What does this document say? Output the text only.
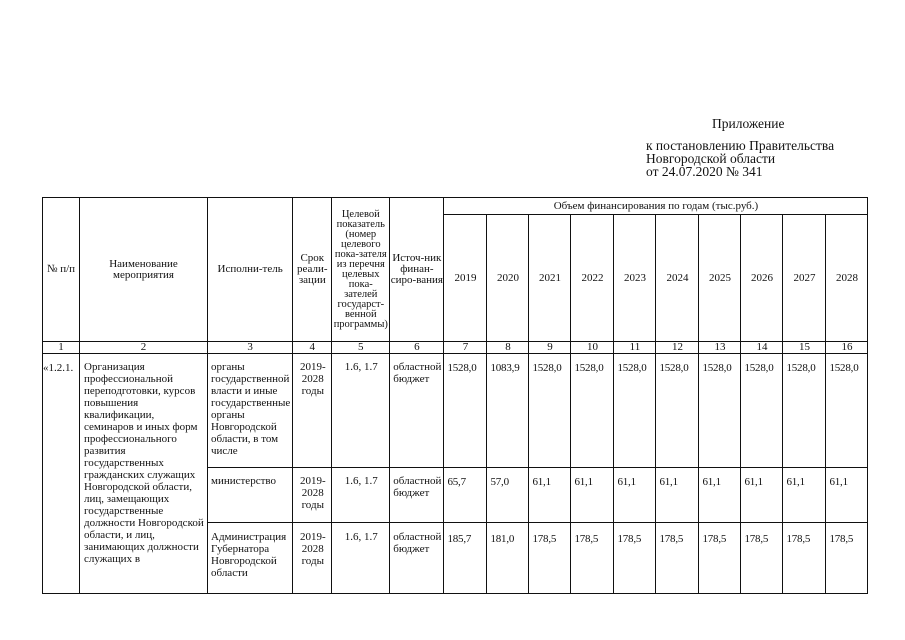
Приложение
к постановлению Правительства
Новгородской области
от 24.07.2020 № 341
№ п/п	Наименование мероприятия	Исполни-тель	Срок реали-зации	Целевой показатель (номер целевого пока-зателя из перечня целевых пока-зателей государст-венной программы)	Источ-ник финан-сиро-вания	Объем финансирования по годам (тыс.руб.)									
						2019	2020	2021	2022	2023	2024	2025	2026	2027	2028
1	2	3	4	5	6	7	8	9	10	11	12	13	14	15	16
«1.2.1.	Организация профессиональной переподготовки, курсов повышения квалификации, семинаров и иных форм профессионального развития государственных гражданских служащих Новгородской области, лиц, замещающих государственные должности Новгородской области, и лиц, занимающих должности служащих в	органы государственной власти и иные государственные органы Новгородской области, в том числе	2019-2028 годы	1.6, 1.7	областной бюджет	1528,0	1083,9	1528,0	1528,0	1528,0	1528,0	1528,0	1528,0	1528,0	1528,0
		министерство	2019-2028 годы	1.6, 1.7	областной бюджет	65,7	57,0	61,1	61,1	61,1	61,1	61,1	61,1	61,1	61,1
		Администрация Губернатора Новгородской области	2019-2028 годы	1.6, 1.7	областной бюджет	185,7	181,0	178,5	178,5	178,5	178,5	178,5	178,5	178,5	178,5
